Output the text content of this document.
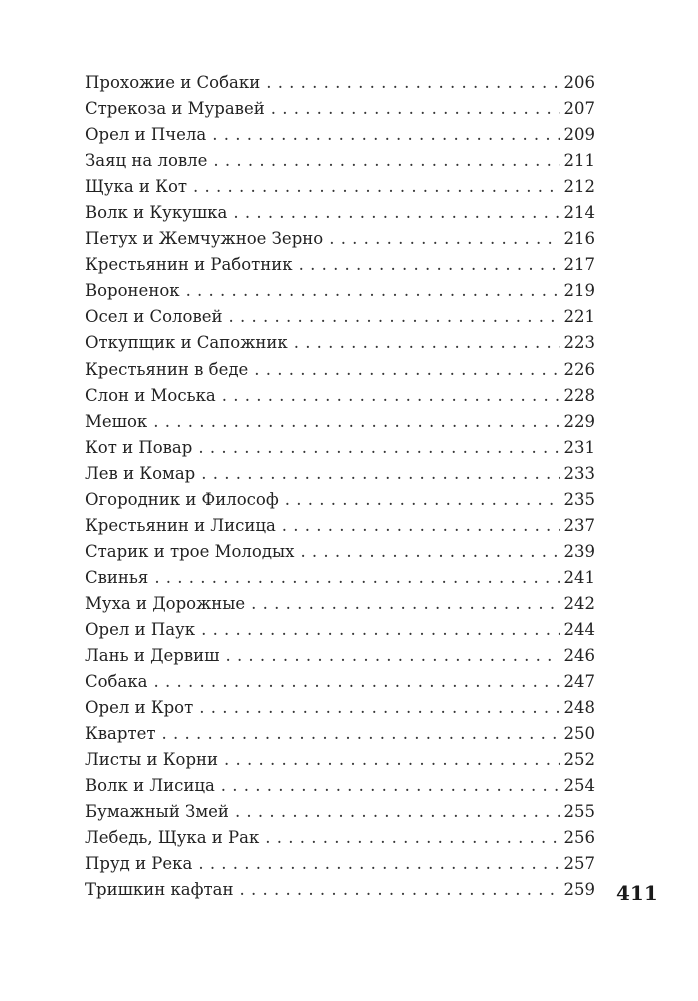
Прохожие и Собаки . . .	206
Стрекоза и Муравей . . .	207
Орел и Пчела . . .	209
Заяц на ловле . . .	211
Щука и Кот . . .	212
Волк и Кукушка . . .	214
Петух и Жемчужное Зерно . . .	216
Крестьянин и Работник . . .	217
Вороненок . . .	219
Осел и Соловей . . .	221
Откупщик и Сапожник . . .	223
Крестьянин в беде . . .	226
Слон и Моська . . .	228
Мешок . . .	229
Кот и Повар . . .	231
Лев и Комар . . .	233
Огородник и Философ . . .	235
Крестьянин и Лисица . . .	237
Старик и трое Молодых . . .	239
Свинья . . .	241
Муха и Дорожные . . .	242
Орел и Паук . . .	244
Лань и Дервиш . . .	246
Собака . . .	247
Орел и Крот . . .	248
Квартет . . .	250
Листы и Корни . . .	252
Волк и Лисица . . .	254
Бумажный Змей . . .	255
Лебедь, Щука и Рак . . .	256
Пруд и Река . . .	257
Тришкин кафтан . . .	259 411
